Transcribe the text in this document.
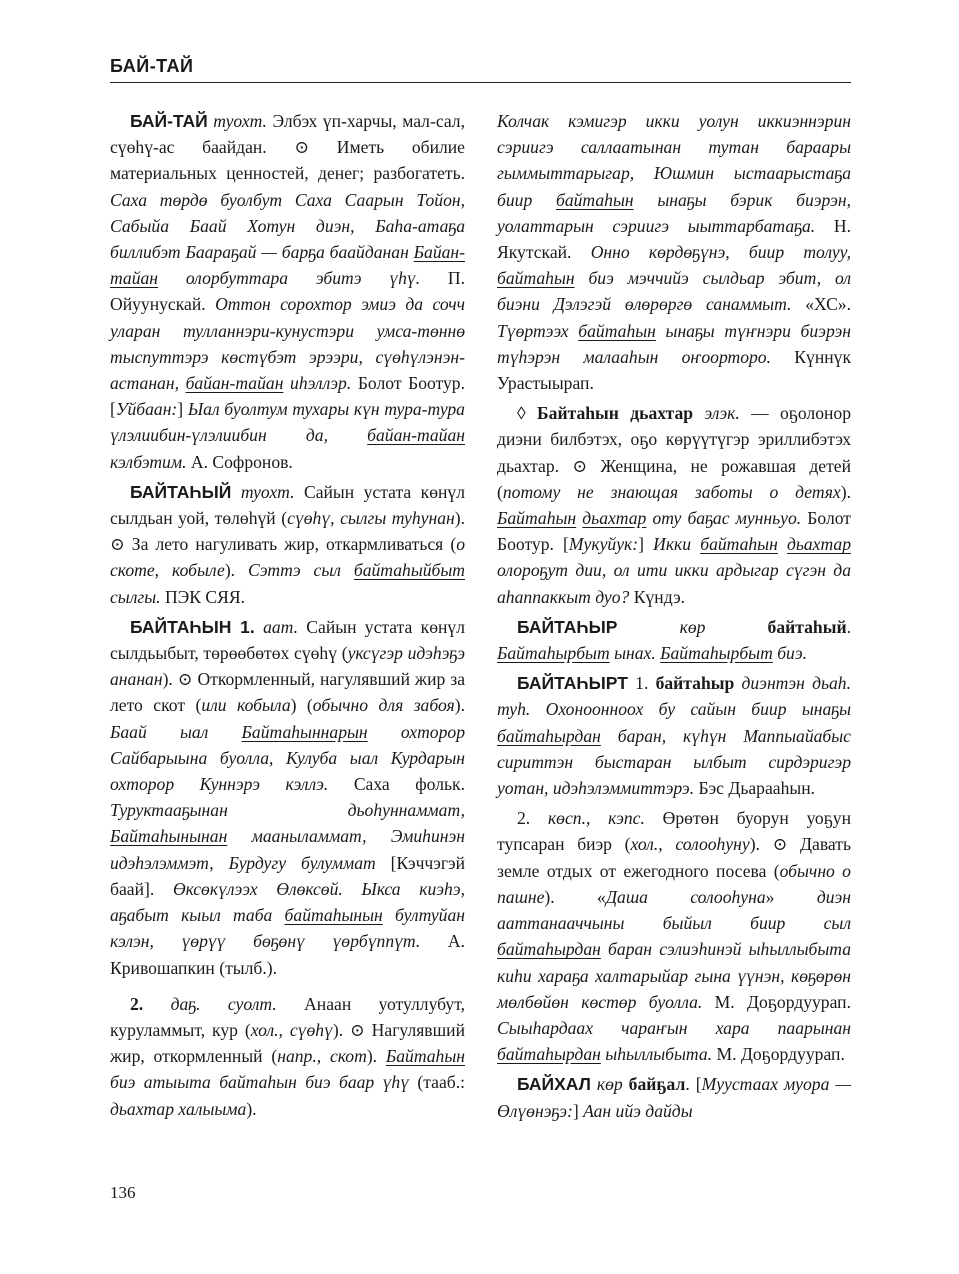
БАЙ-ТАЙ

БАЙ-ТАЙ туохт. Элбэх үп-харчы, мал-сал, сүөһү-ас баайдан. ⊙ Иметь обилие материальных ценностей, денег; разбогатеть. Саха төрдө буолбут Саха Саарын Тойон, Сабыйа Баай Хотун диэн, Баһа-атаҕа биллибэт Баараҕай — барҕа баайданан Байан-тайан олорбуттара эбитэ үһү. П. Ойуунускай. Оттон сорохтор эмиэ да сочч уларан тулланнэри-кунустэри умса-төннө тыспуттэрэ көстүбэт эрээри, сүөһүлэнэн-астанан, байан-тайан иһэллэр. Болот Боотур. [Уйбаан:] Ыал буолтум тухары күн тура-тура үлэлиибин-үлэлиибин да, байан-тайан кэлбэтим. А. Софронов.

БАЙТАҺЫЙ туохт. Сайын устата көнүл сылдьан уой, төлөһүй (сүөһү, сылгы туһунан). ⊙ За лето нагуливать жир, откармливаться (о скоте, кобыле). Сэттэ сыл байтаһыйбыт сылгы. ПЭК СЯЯ.

БАЙТАҺЫН 1. аат. Сайын устата көнүл сылдьыбыт, төрөөбөтөх сүөһү (уксүгэр идэһэҕэ ананан). ⊙ Откормленный, нагулявший жир за лето скот (или кобыла) (обычно для забоя). Баай ыал Байтаһыннарын охторор Сайбарыына буолла, Кулуба ыал Курдарын охторор Куннэрэ кэллэ. Саха фольк. Туруктааҕынан дьоһуннаммат, Байтаһынынан мааныламмат, Эмиһинэн идэһэлэммэт, Бурдугу булуммат [Кэччэгэй баай]. Өксөкүлээх Өлөксөй. Ыкса киэһэ, аҕабыт кыыл таба байтаһынын бултуйан кэлэн, үөрүү бөҕөнү үөрбүппүт. А. Кривошапкин (тылб.).

2. даҕ. суолт. Анаан уотуллубут, куруламмыт, кур (хол., сүөһү). ⊙ Нагулявший жир, откормленный (напр., скот). Байтаһын биэ атыыта байтаһын биэ баар үһү (тааб.: дьахтар халыыма).

Колчак кэмигэр икки уолун иккиэннэрин сэриигэ саллаатынан тутан бараары гыммыттарыгар, Юшмин ыстаарыстаҕа биир байтаһын ынаҕы бэрик биэрэн, уолаттарын сэриигэ ыыттарбатаҕа. Н. Якутскай. Онно көрдөҕүнэ, биир толуу, байтаһын биэ мэччийэ сылдьар эбит, ол биэни Дэлэгэй өлөрөргө санаммыт. «ХС». Түөртээх байтаһын ынаҕы түҥнэри биэрэн түһэрэн малааһын оҥоорторо. Күннүк Урастыырап.

◊ Байтаһын дьахтар элэк. — оҕолонор диэни билбэтэх, оҕо көрүүтүгэр эриллибэтэх дьахтар. ⊙ Женщина, не рожавшая детей (потому не знающая заботы о детях). Байтаһын дьахтар оту баҕас мунньуо. Болот Боотур. [Мукуйук:] Икки байтаһын дьахтар олороҕут дии, ол ити икки ардыгар сүгэн да аһаппаккыт дуо? Күндэ.

БАЙТАҺЫР көр байтаһый. Байтаһырбыт ынах. Байтаһырбыт биэ.

БАЙТАҺЫРТ 1. байтаһыр диэнтэн дьаһ. туһ. Охоноонноох бу сайын биир ынаҕы байтаһырдан баран, күһүн Маппыайабыс сириттэн быстаран ылбыт сирдэригэр уотан, идэһэлэммиттэрэ. Бэс Дьарааһын.

2. көсп., кэпс. Өрөтөн буорун уоҕун тупсаран биэр (хол., солооһуну). ⊙ Давать земле отдых от ежегодного посева (обычно о пашне). «Даша солооһуна» диэн ааттанааччыны быйыл биир сыл байтаһырдан баран сэлиэһинэй ыһыллыбыта киһи хараҕа халтарыйар гына үүнэн, көҕөрөн мөлбөйөн көстөр буолла. М. Доҕордуурап. Сыыһардаах чараҥын хара паарынан байтаһырдан ыһыллыбыта. М. Доҕордуурап.

БАЙХАЛ көр байҕал. [Муустаах муора — Өлүөнэҕэ:] Аан ийэ дайды

136
